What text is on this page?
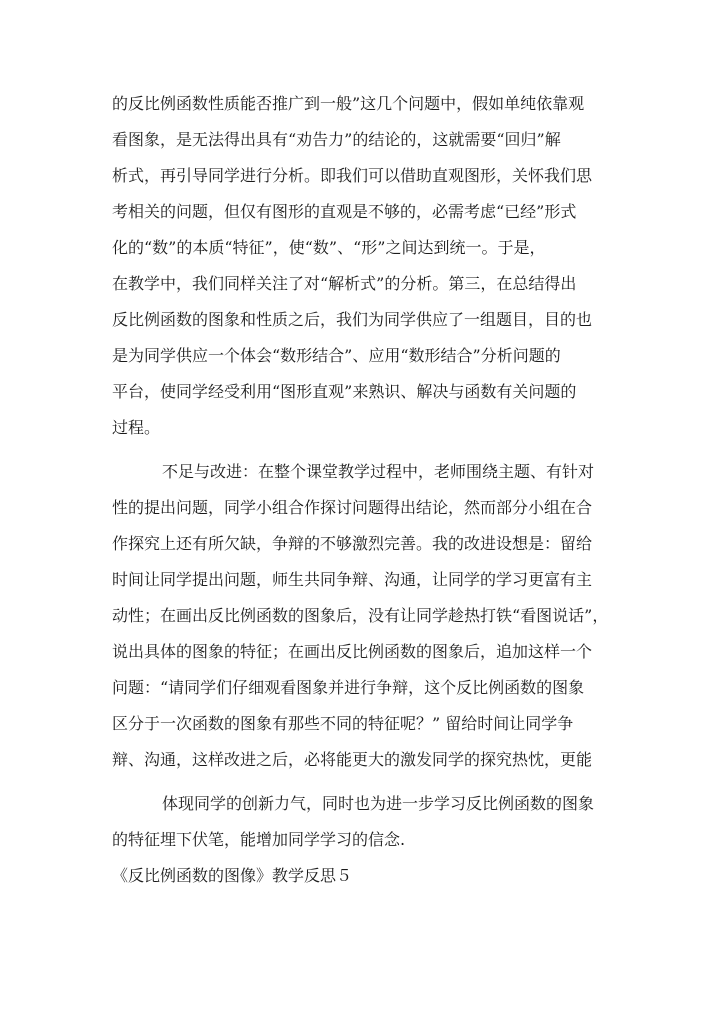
的反比例函数性质能否推广到一般”这几个问题中，假如单纯依靠观
看图象，是无法得出具有“劝告力”的结论的，这就需要“回归”解
析式，再引导同学进行分析。即我们可以借助直观图形，关怀我们思
考相关的问题，但仅有图形的直观是不够的，必需考虑“已经”形式
化的“数”的本质“特征”，使“数”、“形”之间达到统一。于是，
在教学中，我们同样关注了对“解析式”的分析。第三，在总结得出
反比例函数的图象和性质之后，我们为同学供应了一组题目，目的也
是为同学供应一个体会“数形结合”、应用“数形结合”分析问题的
平台，使同学经受利用“图形直观”来熟识、解决与函数有关问题的
过程。
不足与改进：在整个课堂教学过程中，老师围绕主题、有针对
性的提出问题，同学小组合作探讨问题得出结论，然而部分小组在合
作探究上还有所欠缺，争辩的不够激烈完善。我的改进设想是：留给
时间让同学提出问题，师生共同争辩、沟通，让同学的学习更富有主
动性；在画出反比例函数的图象后，没有让同学趁热打铁“看图说话”，
说出具体的图象的特征；在画出反比例函数的图象后，追加这样一个
问题：“请同学们仔细观看图象并进行争辩，这个反比例函数的图象
区分于一次函数的图象有那些不同的特征呢？” 留给时间让同学争
辩、沟通，这样改进之后，必将能更大的激发同学的探究热忱，更能
体现同学的创新力气，同时也为进一步学习反比例函数的图象
的特征埋下伏笔，能增加同学学习的信念.
《反比例函数的图像》教学反思５
